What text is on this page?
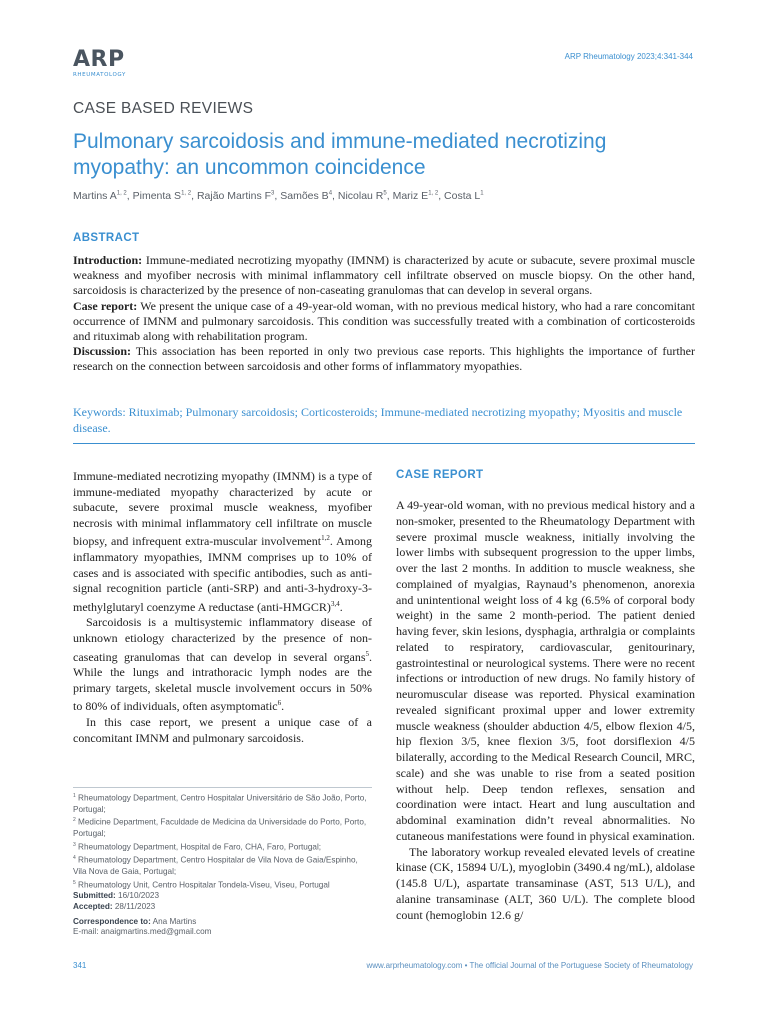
ARP
RHEUMATOLOGY
ARP Rheumatology 2023;4:341-344
CASE BASED REVIEWS
Pulmonary sarcoidosis and immune-mediated necrotizing myopathy: an uncommon coincidence
Martins A$^{1, 2}$, Pimenta S$^{1, 2}$, Rajão Martins $F^3$, Samões $B^4$, Nicolau $R^5$, Mariz E$^{1, 2}$, Costa $L^1$
ABSTRACT
Introduction: Immune-mediated necrotizing myopathy (IMNM) is characterized by acute or subacute, severe proximal muscle weakness and myofiber necrosis with minimal inflammatory cell infiltrate observed on muscle biopsy. On the other hand, sarcoidosis is characterized by the presence of non-caseating granulomas that can develop in several organs.
Case report: We present the unique case of a 49-year-old woman, with no previous medical history, who had a rare concomitant occurrence of IMNM and pulmonary sarcoidosis. This condition was successfully treated with a combination of corticosteroids and rituximab along with rehabilitation program.
Discussion: This association has been reported in only two previous case reports. This highlights the importance of further research on the connection between sarcoidosis and other forms of inflammatory myopathies.
Keywords: Rituximab; Pulmonary sarcoidosis; Corticosteroids; Immune-mediated necrotizing myopathy; Myositis and muscle disease.

Immune-mediated necrotizing myopathy (IMNM) is a type of immune-mediated myopathy characterized by acute or subacute, severe proximal muscle weakness, myofiber necrosis with minimal inflammatory cell infiltrate on muscle biopsy, and infrequent extra-muscular involvement$^{1,2}$. Among inflammatory myopathies, IMNM comprises up to 10% of cases and is associated with specific antibodies, such as anti-signal recognition particle (anti-SRP) and anti-3-hydroxy-3-methylglutaryl coenzyme A reductase (anti-HMGCR)$^{3,4}$.

Sarcoidosis is a multisystemic inflammatory disease of unknown etiology characterized by the presence of non-caseating granulomas that can develop in several organs$^5$. While the lungs and intrathoracic lymph nodes are the primary targets, skeletal muscle involvement occurs in 50% to 80% of individuals, often asymptomatic$^6$.

In this case report, we present a unique case of a concomitant IMNM and pulmonary sarcoidosis.

CASE REPORT

A 49-year-old woman, with no previous medical history and a non-smoker, presented to the Rheumatology Department with severe proximal muscle weakness, initially involving the lower limbs with subsequent progression to the upper limbs, over the last 2 months. In addition to muscle weakness, she complained of myalgias, Raynaud’s phenomenon, anorexia and unintentional weight loss of 4 kg (6.5% of corporal body weight) in the same 2 month-period. The patient denied having fever, skin lesions, dysphagia, arthralgia or complaints related to respiratory, cardiovascular, genitourinary, gastrointestinal or neurological systems. There were no recent infections or introduction of new drugs. No family history of neuromuscular disease was reported. Physical examination revealed significant proximal upper and lower extremity muscle weakness (shoulder abduction 4/5, elbow flexion 4/5, hip flexion 3/5, knee flexion 3/5, foot dorsiflexion 4/5 bilaterally, according to the Medical Research Council, MRC, scale) and she was unable to rise from a seated position without help. Deep tendon reflexes, sensation and coordination were intact. Heart and lung auscultation and abdominal examination didn’t reveal abnormalities. No cutaneous manifestations were found in physical examination.

The laboratory workup revealed elevated levels of creatine kinase (CK, 15894 U/L), myoglobin (3490.4 ng/mL), aldolase (145.8 U/L), aspartate transaminase (AST, 513 U/L), and alanine transaminase (ALT, 360 U/L). The complete blood count (hemoglobin 12.6 g/

$^1$ Rheumatology Department, Centro Hospitalar Universitário de São João, Porto, Portugal;
$^2$ Medicine Department, Faculdade de Medicina da Universidade do Porto, Porto, Portugal;
$^3$ Rheumatology Department, Hospital de Faro, CHA, Faro, Portugal;
$^4$ Rheumatology Department, Centro Hospitalar de Vila Nova de Gaia/Espinho, Vila Nova de Gaia, Portugal;
$^5$ Rheumatology Unit, Centro Hospitalar Tondela-Viseu, Viseu, Portugal
Submitted: 16/10/2023
Accepted: 28/11/2023
Correspondence to: Ana Martins
E-mail: anaigmartins.med@gmail.com
341	www.arprheumatology.com • The official Journal of the Portuguese Society of Rheumatology
